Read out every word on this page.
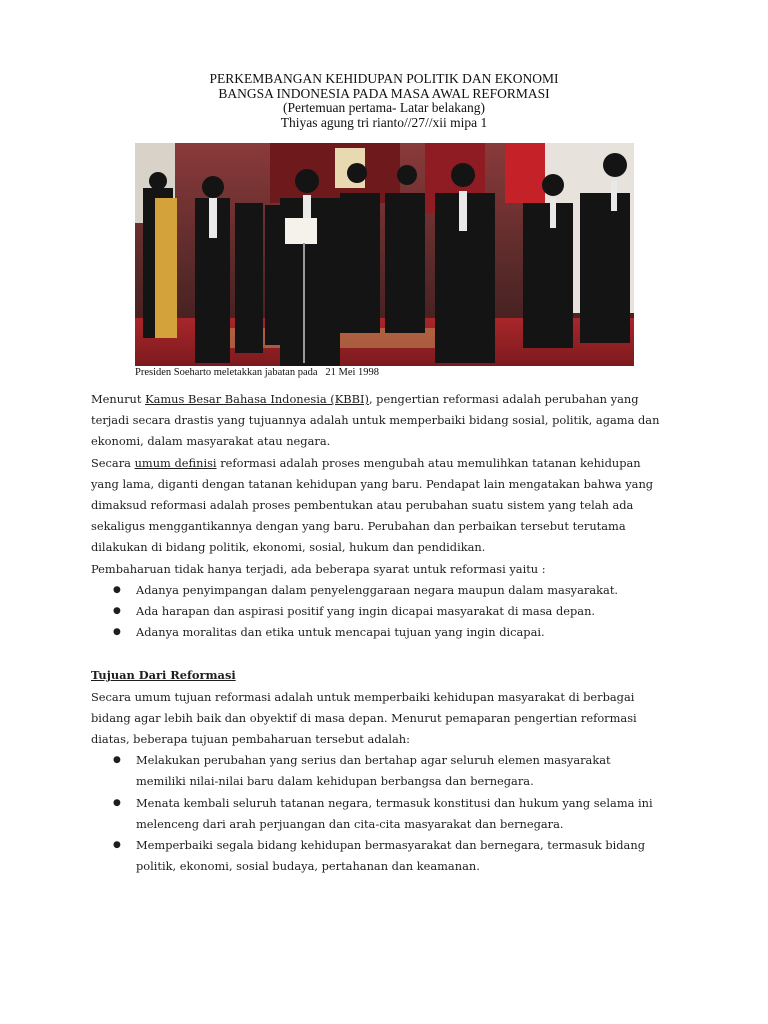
PERKEMBANGAN KEHIDUPAN POLITIK DAN EKONOMI
BANGSA INDONESIA PADA MASA AWAL REFORMASI
(Pertemuan pertama- Latar belakang)
Thiyas agung tri rianto//27//xii mipa 1
Presiden Soeharto meletakkan jabatan pada   21 Mei 1998

Menurut Kamus Besar Bahasa Indonesia (KBBI), pengertian reformasi adalah perubahan yang
terjadi secara drastis yang tujuannya adalah untuk memperbaiki bidang sosial, politik, agama dan
ekonomi, dalam masyarakat atau negara.

Secara umum definisi reformasi adalah proses mengubah atau memulihkan tatanan kehidupan
yang lama, diganti dengan tatanan kehidupan yang baru. Pendapat lain mengatakan bahwa yang
dimaksud reformasi adalah proses pembentukan atau perubahan suatu sistem yang telah ada
sekaligus menggantikannya dengan yang baru. Perubahan dan perbaikan tersebut terutama
dilakukan di bidang politik, ekonomi, sosial, hukum dan pendidikan.

Pembaharuan tidak hanya terjadi, ada beberapa syarat untuk reformasi yaitu :

● Adanya penyimpangan dalam penyelenggaraan negara maupun dalam masyarakat.
● Ada harapan dan aspirasi positif yang ingin dicapai masyarakat di masa depan.
● Adanya moralitas dan etika untuk mencapai tujuan yang ingin dicapai.

Tujuan Dari Reformasi

Secara umum tujuan reformasi adalah untuk memperbaiki kehidupan masyarakat di berbagai
bidang agar lebih baik dan obyektif di masa depan. Menurut pemaparan pengertian reformasi
diatas, beberapa tujuan pembaharuan tersebut adalah:

● Melakukan perubahan yang serius dan bertahap agar seluruh elemen masyarakat
memiliki nilai-nilai baru dalam kehidupan berbangsa dan bernegara.
● Menata kembali seluruh tatanan negara, termasuk konstitusi dan hukum yang selama ini
melenceng dari arah perjuangan dan cita-cita masyarakat dan bernegara.
● Memperbaiki segala bidang kehidupan bermasyarakat dan bernegara, termasuk bidang
politik, ekonomi, sosial budaya, pertahanan dan keamanan.
